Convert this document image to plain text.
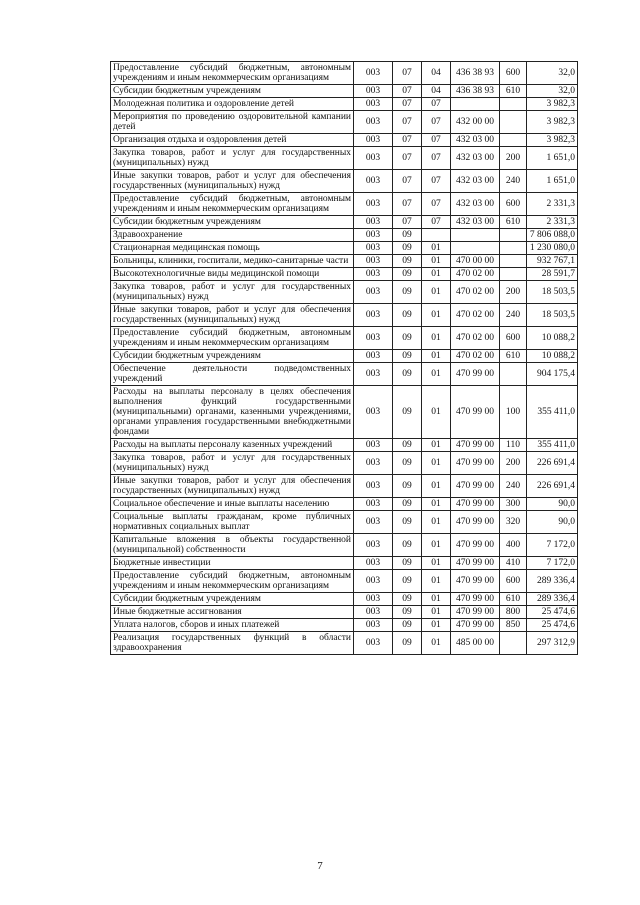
Предоставление субсидий бюджетным, автономным учреждениям и иным некоммерческим организациям	003	07	04	436 38 93	600	32,0
Субсидии бюджетным учреждениям	003	07	04	436 38 93	610	32,0
Молодежная политика и оздоровление детей	003	07	07			3 982,3
Мероприятия по проведению оздоровительной кампании детей	003	07	07	432 00 00		3 982,3
Организация отдыха и оздоровления детей	003	07	07	432 03 00		3 982,3
Закупка товаров, работ и услуг для государственных (муниципальных) нужд	003	07	07	432 03 00	200	1 651,0
Иные закупки товаров, работ и услуг для обеспечения государственных (муниципальных) нужд	003	07	07	432 03 00	240	1 651,0
Предоставление субсидий бюджетным, автономным учреждениям и иным некоммерческим организациям	003	07	07	432 03 00	600	2 331,3
Субсидии бюджетным учреждениям	003	07	07	432 03 00	610	2 331,3
Здравоохранение	003	09				7 806 088,0
Стационарная медицинская помощь	003	09	01			1 230 080,0
Больницы, клиники, госпитали, медико-санитарные части	003	09	01	470 00 00		932 767,1
Высокотехнологичные виды медицинской помощи	003	09	01	470 02 00		28 591,7
Закупка товаров, работ и услуг для государственных (муниципальных) нужд	003	09	01	470 02 00	200	18 503,5
Иные закупки товаров, работ и услуг для обеспечения государственных (муниципальных) нужд	003	09	01	470 02 00	240	18 503,5
Предоставление субсидий бюджетным, автономным учреждениям и иным некоммерческим организациям	003	09	01	470 02 00	600	10 088,2
Субсидии бюджетным учреждениям	003	09	01	470 02 00	610	10 088,2
Обеспечение деятельности подведомственных учреждений	003	09	01	470 99 00		904 175,4
Расходы на выплаты персоналу в целях обеспечения выполнения функций государственными (муниципальными) органами, казенными учреждениями, органами управления государственными внебюджетными фондами	003	09	01	470 99 00	100	355 411,0
Расходы на выплаты персоналу казенных учреждений	003	09	01	470 99 00	110	355 411,0
Закупка товаров, работ и услуг для государственных (муниципальных) нужд	003	09	01	470 99 00	200	226 691,4
Иные закупки товаров, работ и услуг для обеспечения государственных (муниципальных) нужд	003	09	01	470 99 00	240	226 691,4
Социальное обеспечение и иные выплаты населению	003	09	01	470 99 00	300	90,0
Социальные выплаты гражданам, кроме публичных нормативных социальных выплат	003	09	01	470 99 00	320	90,0
Капитальные вложения в объекты государственной (муниципальной) собственности	003	09	01	470 99 00	400	7 172,0
Бюджетные инвестиции	003	09	01	470 99 00	410	7 172,0
Предоставление субсидий бюджетным, автономным учреждениям и иным некоммерческим организациям	003	09	01	470 99 00	600	289 336,4
Субсидии бюджетным учреждениям	003	09	01	470 99 00	610	289 336,4
Иные бюджетные ассигнования	003	09	01	470 99 00	800	25 474,6
Уплата налогов, сборов и иных платежей	003	09	01	470 99 00	850	25 474,6
Реализация государственных функций в области здравоохранения	003	09	01	485 00 00		297 312,9
7
